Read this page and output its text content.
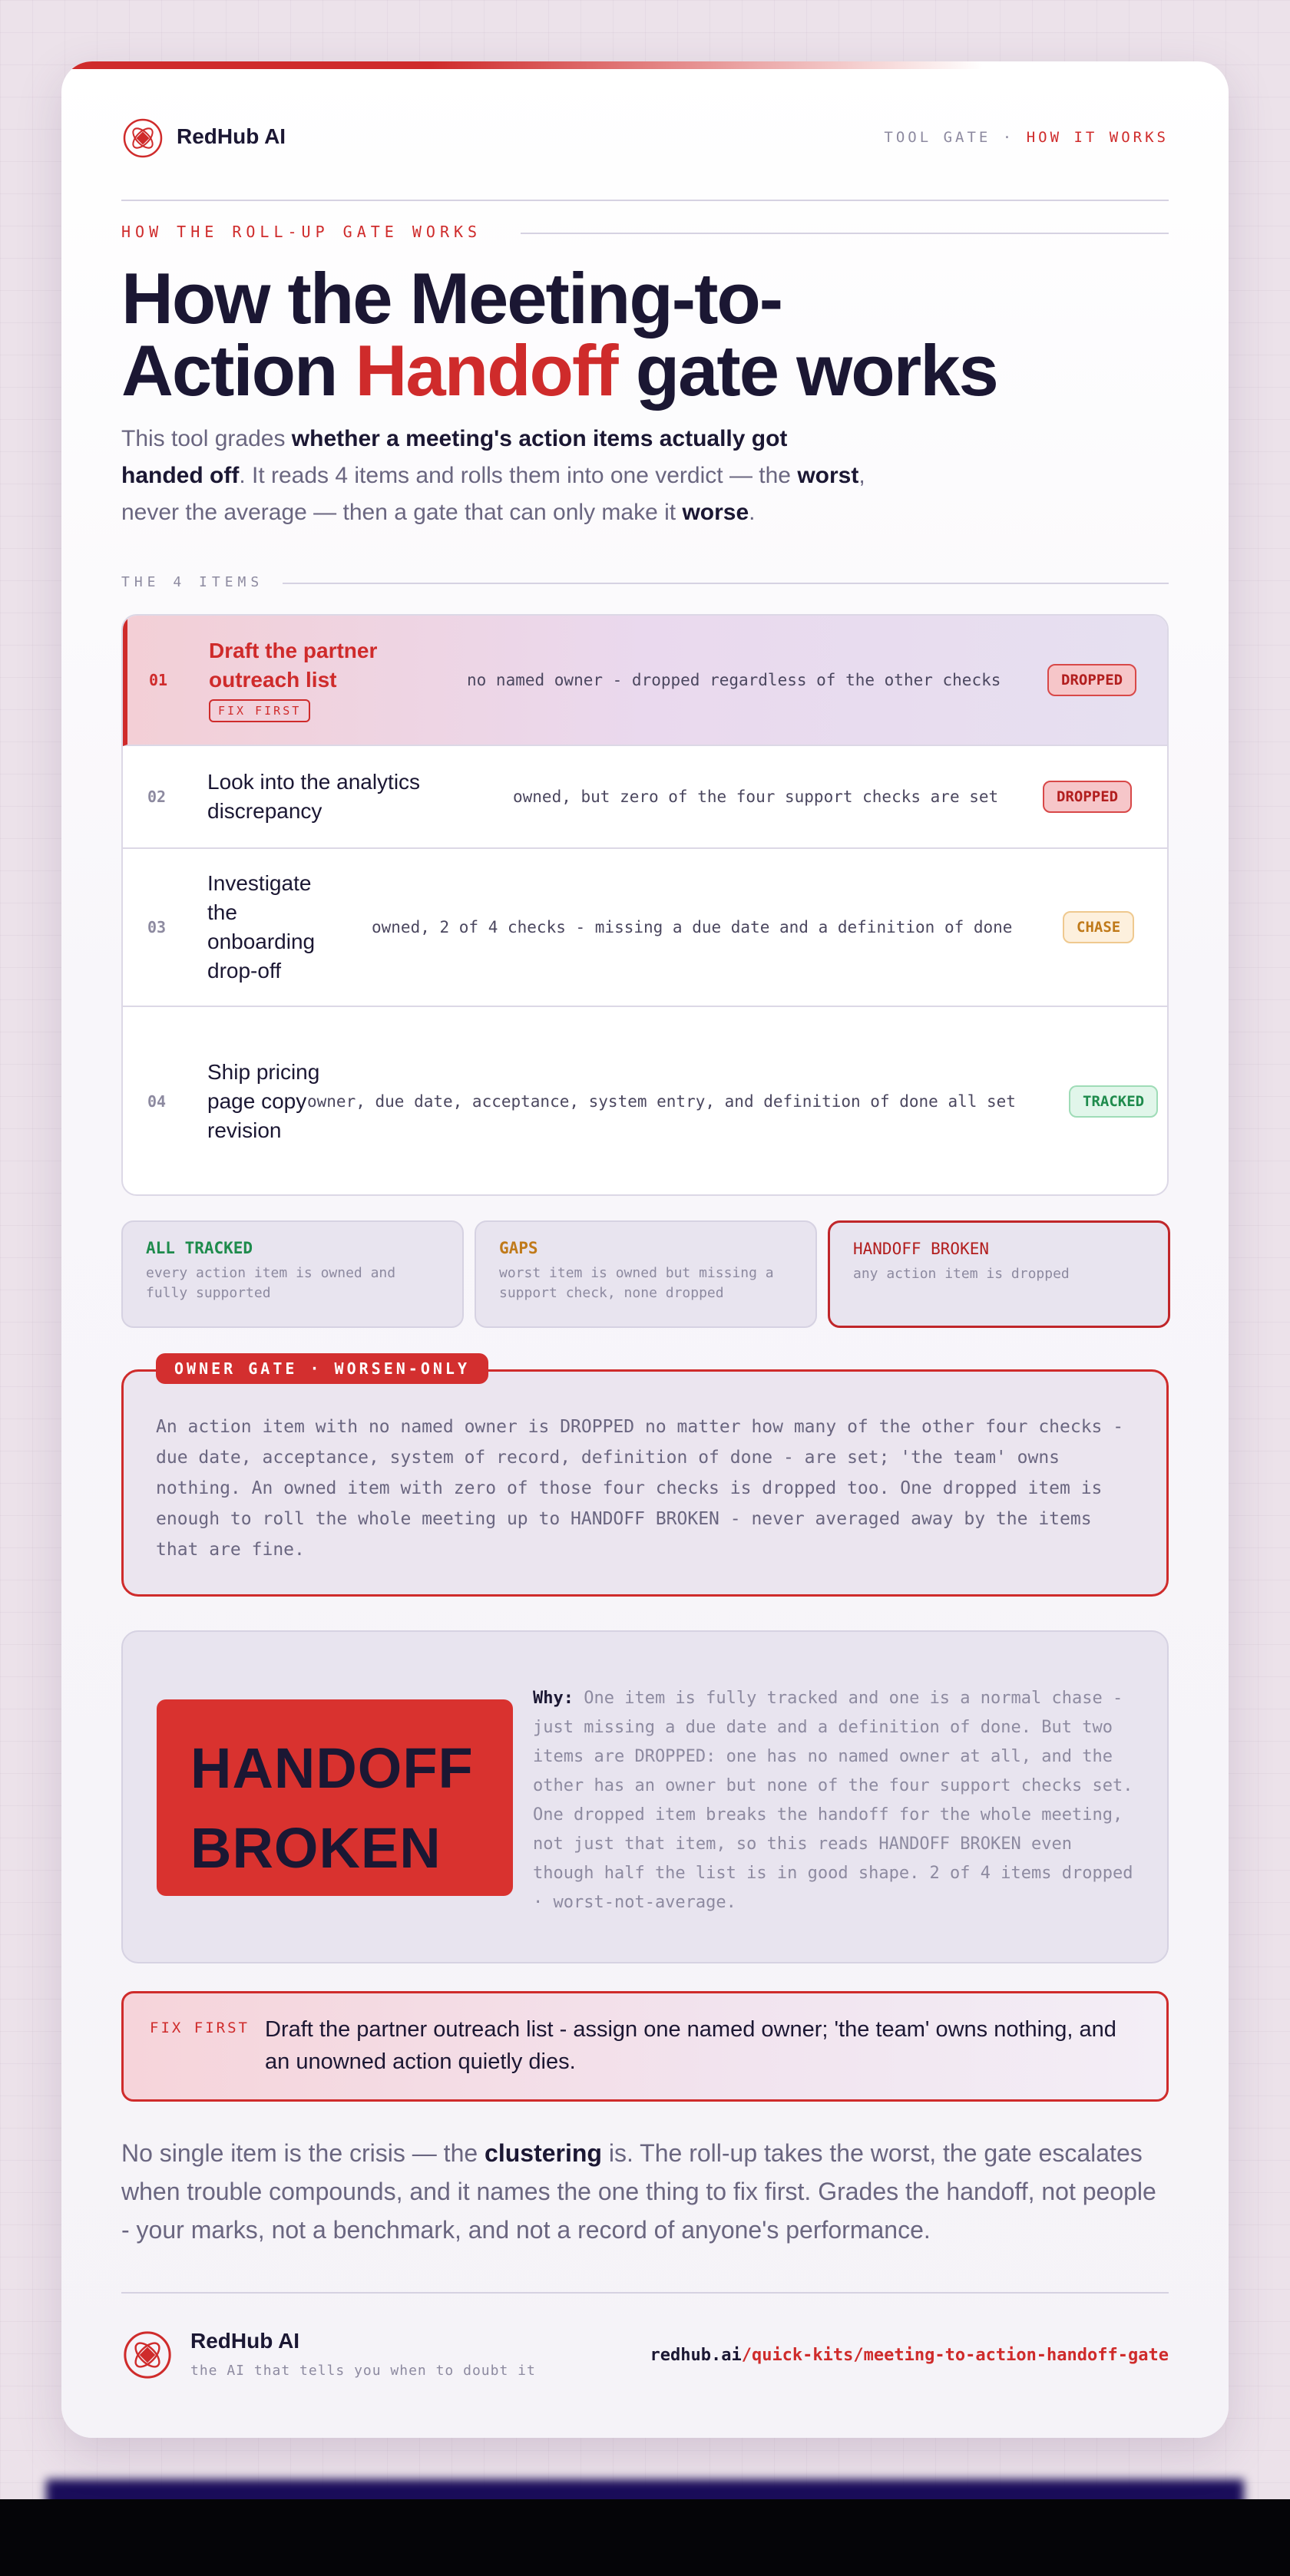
RedHub AI	TOOL GATE · HOW IT WORKS
HOW THE ROLL-UP GATE WORKS
How the Meeting-to-
Action Handoff gate works

This tool grades whether a meeting's action items actually got handed off. It reads 4 items and rolls them into one verdict — the worst, never the average — then a gate that can only make it worse.

THE 4 ITEMS
01
Draft the partner outreach list FIX FIRST
no named owner - dropped regardless of the other checks	DROPPED
02
Look into the analytics discrepancy
owned, but zero of the four support checks are set	DROPPED
03
Investigate the onboarding drop-off
owned, 2 of 4 checks - missing a due date and a definition of done	CHASE
04
Ship pricing page copy revision
owner, due date, acceptance, system entry, and definition of done all set	TRACKED
ALL TRACKED
every action item is owned and fully supported
GAPS
worst item is owned but missing a support check, none dropped
HANDOFF BROKEN
any action item is dropped
OWNER GATE · WORSEN-ONLY
An action item with no named owner is DROPPED no matter how many of the other four checks - due date, acceptance, system of record, definition of done - are set; 'the team' owns nothing. An owned item with zero of those four checks is dropped too. One dropped item is enough to roll the whole meeting up to HANDOFF BROKEN - never averaged away by the items that are fine.
HANDOFF
BROKEN
Why: One item is fully tracked and one is a normal chase - just missing a due date and a definition of done. But two items are DROPPED: one has no named owner at all, and the other has an owner but none of the four support checks set. One dropped item breaks the handoff for the whole meeting, not just that item, so this reads HANDOFF BROKEN even though half the list is in good shape. 2 of 4 items dropped · worst-not-average.
FIX FIRST Draft the partner outreach list - assign one named owner; 'the team' owns nothing, and an unowned action quietly dies.

No single item is the crisis — the clustering is. The roll-up takes the worst, the gate escalates when trouble compounds, and it names the one thing to fix first. Grades the handoff, not people - your marks, not a benchmark, and not a record of anyone's performance.

RedHub AI
the AI that tells you when to doubt it
redhub.ai/quick-kits/meeting-to-action-handoff-gate
